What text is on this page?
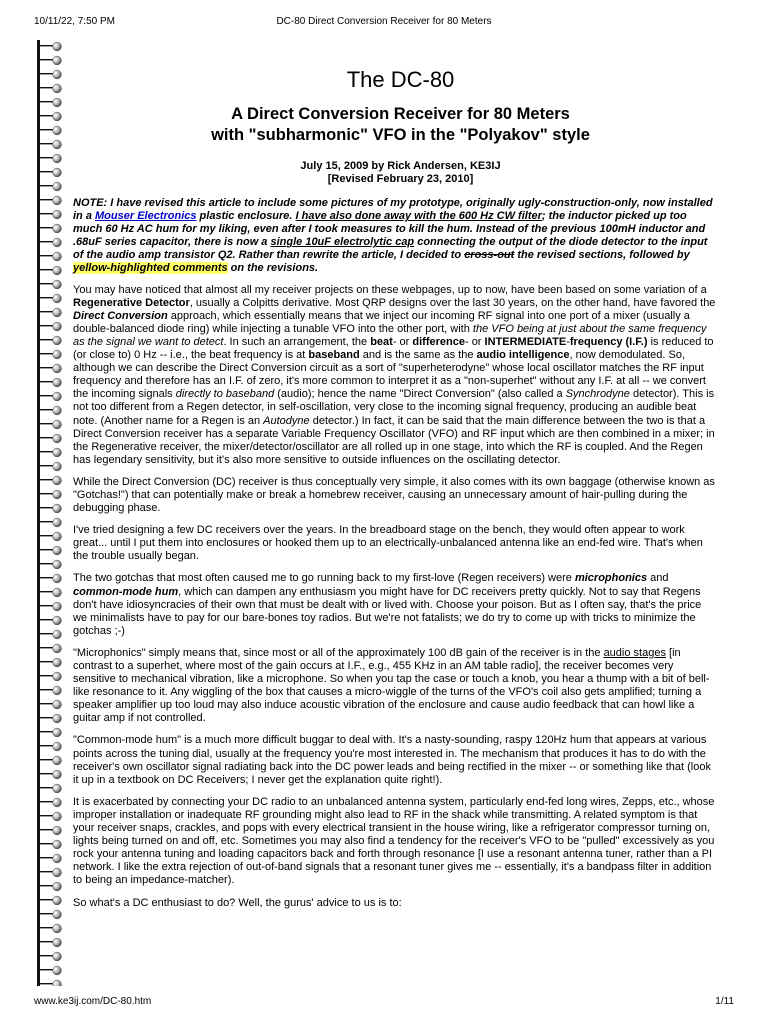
10/11/22, 7:50 PM	DC-80 Direct Conversion Receiver for 80 Meters
The DC-80
A Direct Conversion Receiver for 80 Meters
with "subharmonic" VFO in the "Polyakov" style
July 15, 2009 by Rick Andersen, KE3IJ
[Revised February 23, 2010]

NOTE: I have revised this article to include some pictures of my prototype, originally ugly-construction-only, now installed in a Mouser Electronics plastic enclosure. I have also done away with the 600 Hz CW filter; the inductor picked up too much 60 Hz AC hum for my liking, even after I took measures to kill the hum. Instead of the previous 100mH inductor and .68uF series capacitor, there is now a single 10uF electrolytic cap connecting the output of the diode detector to the input of the audio amp transistor Q2. Rather than rewrite the article, I decided to cross-out the revised sections, followed by yellow-highlighted comments on the revisions.

You may have noticed that almost all my receiver projects on these webpages, up to now, have been based on some variation of a Regenerative Detector, usually a Colpitts derivative. Most QRP designs over the last 30 years, on the other hand, have favored the Direct Conversion approach, which essentially means that we inject our incoming RF signal into one port of a mixer (usually a double-balanced diode ring) while injecting a tunable VFO into the other port, with the VFO being at just about the same frequency as the signal we want to detect. In such an arrangement, the beat- or difference- or INTERMEDIATE-frequency (I.F.) is reduced to (or close to) 0 Hz -- i.e., the beat frequency is at baseband and is the same as the audio intelligence, now demodulated. So, although we can describe the Direct Conversion circuit as a sort of "superheterodyne" whose local oscillator matches the RF input frequency and therefore has an I.F. of zero, it's more common to interpret it as a "non-superhet" without any I.F. at all -- we convert the incoming signals directly to baseband (audio); hence the name "Direct Conversion" (also called a Synchrodyne detector). This is not too different from a Regen detector, in self-oscillation, very close to the incoming signal frequency, producing an audible beat note. (Another name for a Regen is an Autodyne detector.) In fact, it can be said that the main difference between the two is that a Direct Conversion receiver has a separate Variable Frequency Oscillator (VFO) and RF input which are then combined in a mixer; in the Regenerative receiver, the mixer/detector/oscillator are all rolled up in one stage, into which the RF is coupled. And the Regen has legendary sensitivity, but it's also more sensitive to outside influences on the oscillating detector.

While the Direct Conversion (DC) receiver is thus conceptually very simple, it also comes with its own baggage (otherwise known as "Gotchas!") that can potentially make or break a homebrew receiver, causing an unnecessary amount of hair-pulling during the debugging phase.

I've tried designing a few DC receivers over the years. In the breadboard stage on the bench, they would often appear to work great... until I put them into enclosures or hooked them up to an electrically-unbalanced antenna like an end-fed wire. That's when the trouble usually began.

The two gotchas that most often caused me to go running back to my first-love (Regen receivers) were microphonics and common-mode hum, which can dampen any enthusiasm you might have for DC receivers pretty quickly. Not to say that Regens don't have idiosyncracies of their own that must be dealt with or lived with. Choose your poison. But as I often say, that's the price we minimalists have to pay for our bare-bones toy radios. But we're not fatalists; we do try to come up with tricks to minimize the gotchas ;-)

"Microphonics" simply means that, since most or all of the approximately 100 dB gain of the receiver is in the audio stages [in contrast to a superhet, where most of the gain occurs at I.F., e.g., 455 KHz in an AM table radio], the receiver becomes very sensitive to mechanical vibration, like a microphone. So when you tap the case or touch a knob, you hear a thump with a bit of bell-like resonance to it. Any wiggling of the box that causes a micro-wiggle of the turns of the VFO's coil also gets amplified; turning a speaker amplifier up too loud may also induce acoustic vibration of the enclosure and cause audio feedback that can howl like a guitar amp if not controlled.

"Common-mode hum" is a much more difficult buggar to deal with. It's a nasty-sounding, raspy 120Hz hum that appears at various points across the tuning dial, usually at the frequency you're most interested in. The mechanism that produces it has to do with the receiver's own oscillator signal radiating back into the DC power leads and being rectified in the mixer -- or something like that (look it up in a textbook on DC Receivers; I never get the explanation quite right!).

It is exacerbated by connecting your DC radio to an unbalanced antenna system, particularly end-fed long wires, Zepps, etc., whose improper installation or inadequate RF grounding might also lead to RF in the shack while transmitting. A related symptom is that your receiver snaps, crackles, and pops with every electrical transient in the house wiring, like a refrigerator compressor turning on, lights being turned on and off, etc. Sometimes you may also find a tendency for the receiver's VFO to be "pulled" excessively as you rock your antenna tuning and loading capacitors back and forth through resonance [I use a resonant antenna tuner, rather than a PI network. I like the extra rejection of out-of-band signals that a resonant tuner gives me -- essentially, it's a bandpass filter in addition to being an impedance-matcher).

So what's a DC enthusiast to do? Well, the gurus' advice to us is to:

www.ke3ij.com/DC-80.htm	1/11
